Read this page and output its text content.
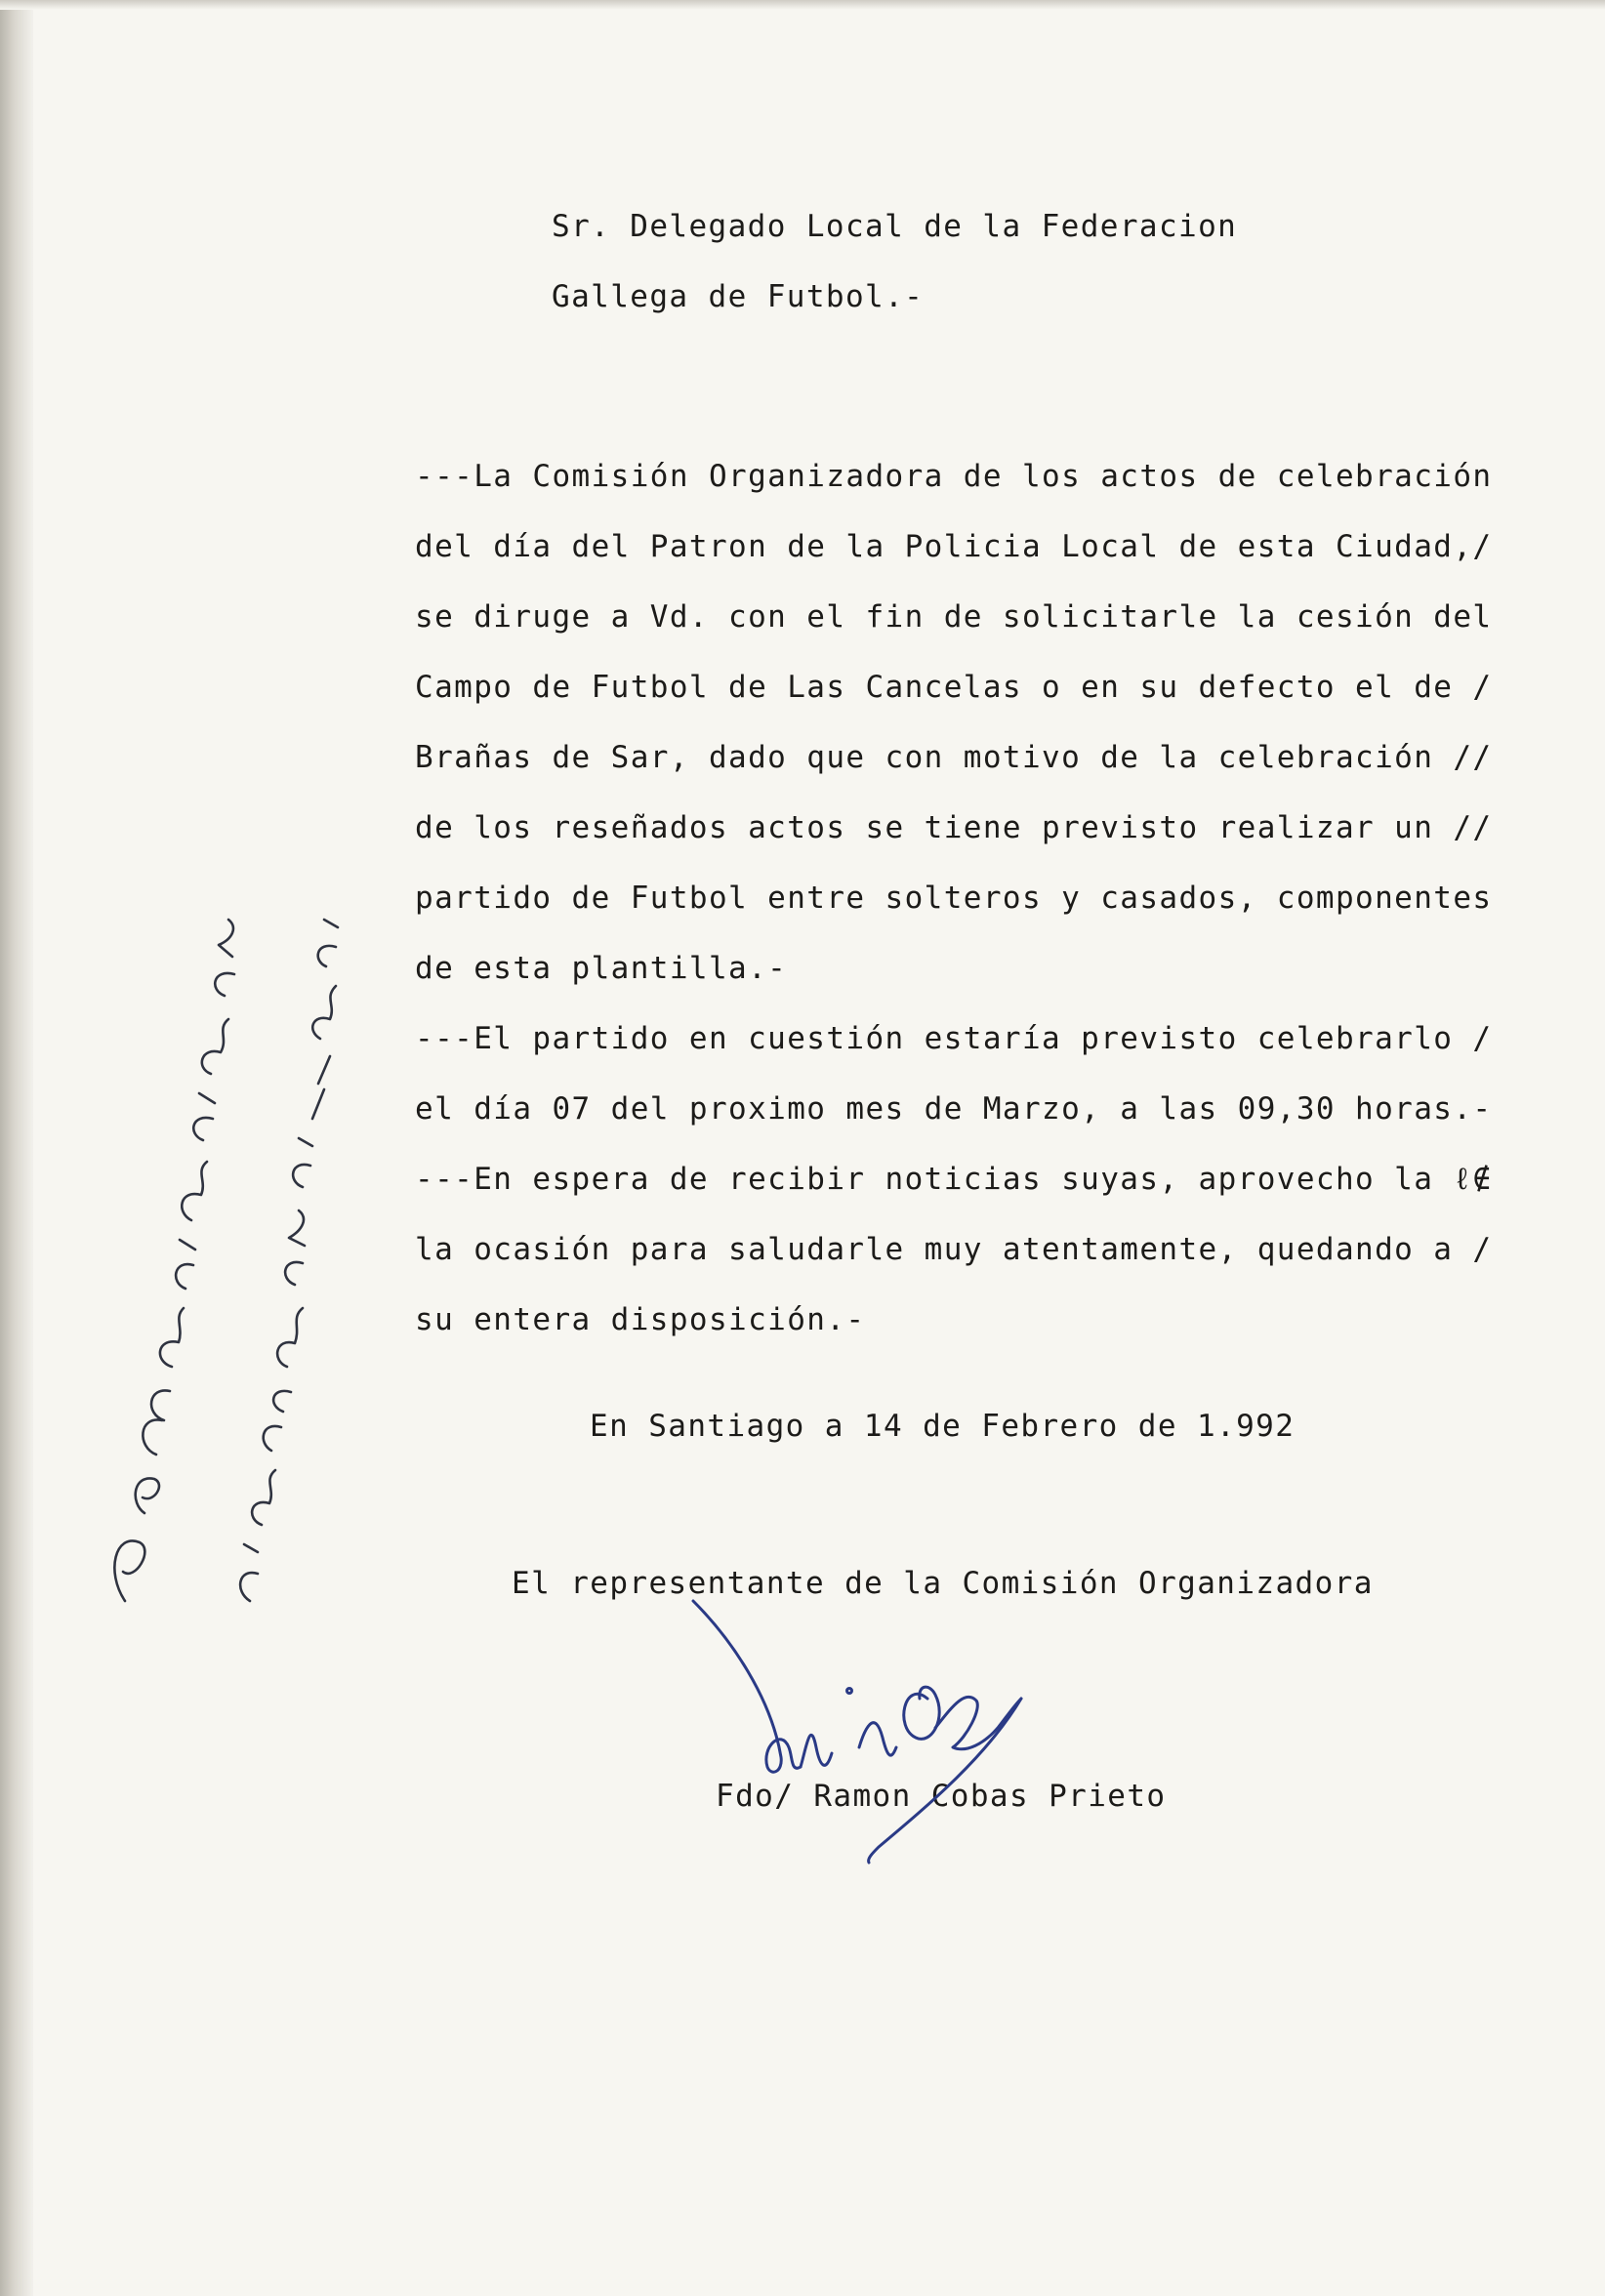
Sr. Delegado Local de la Federacion
Gallega de Futbol.-
---La Comisión Organizadora de los actos de celebración
del día del Patron de la Policia Local de esta Ciudad,/
se diruge a Vd. con el fin de solicitarle la cesión del
Campo de Futbol de Las Cancelas o en su defecto el de /
Brañas de Sar, dado que con motivo de la celebración //
de los reseñados actos se tiene previsto realizar un //
partido de Futbol entre solteros y casados, componentes
de esta plantilla.-
---El partido en cuestión estaría previsto celebrarlo /
el día 07 del proximo mes de Marzo, a las 09,30 horas.-
---En espera de recibir noticias suyas, aprovecho la ℓ∉
la ocasión para saludarle muy atentamente, quedando a /
su entera disposición.-
En Santiago a 14 de Febrero de 1.992
El representante de la Comisión Organizadora
Fdo/ Ramon Cobas Prieto
